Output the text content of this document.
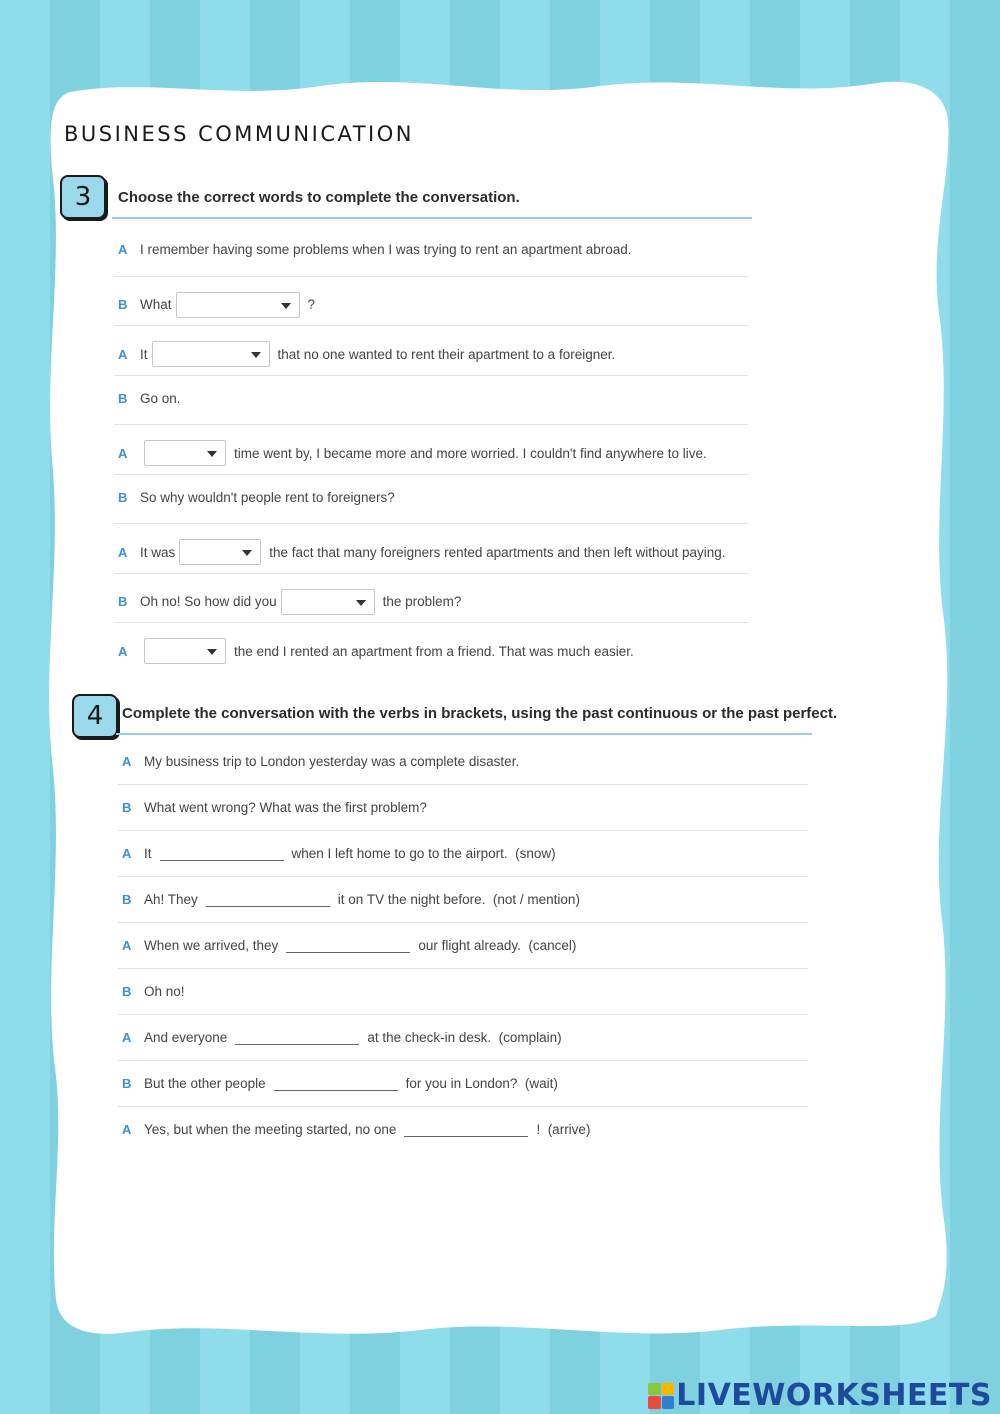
BUSINESS COMMUNICATION
3	Choose the correct words to complete the conversation.
A I remember having some problems when I was trying to rent an apartment abroad.
B What	?
A It	that no one wanted to rent their apartment to a foreigner.
B Go on.
A	time went by, I became more and more worried. I couldn't find anywhere to live.
B So why wouldn't people rent to foreigners?
A It was	the fact that many foreigners rented apartments and then left without paying.
B Oh no! So how did you	the problem?
A	the end I rented an apartment from a friend. That was much easier.
4	Complete the conversation with the verbs in brackets, using the past continuous or the past perfect.
A My business trip to London yesterday was a complete disaster.
B What went wrong? What was the first problem?
A It	when I left home to go to the airport.  (snow)
B Ah! They	it on TV the night before.  (not / mention)
A When we arrived, they	our flight already.  (cancel)
B Oh no!
A And everyone	at the check-in desk.  (complain)
B But the other people	for you in London?  (wait)
A Yes, but when the meeting started, no one	!  (arrive)
LIVEWORKSHEETS
